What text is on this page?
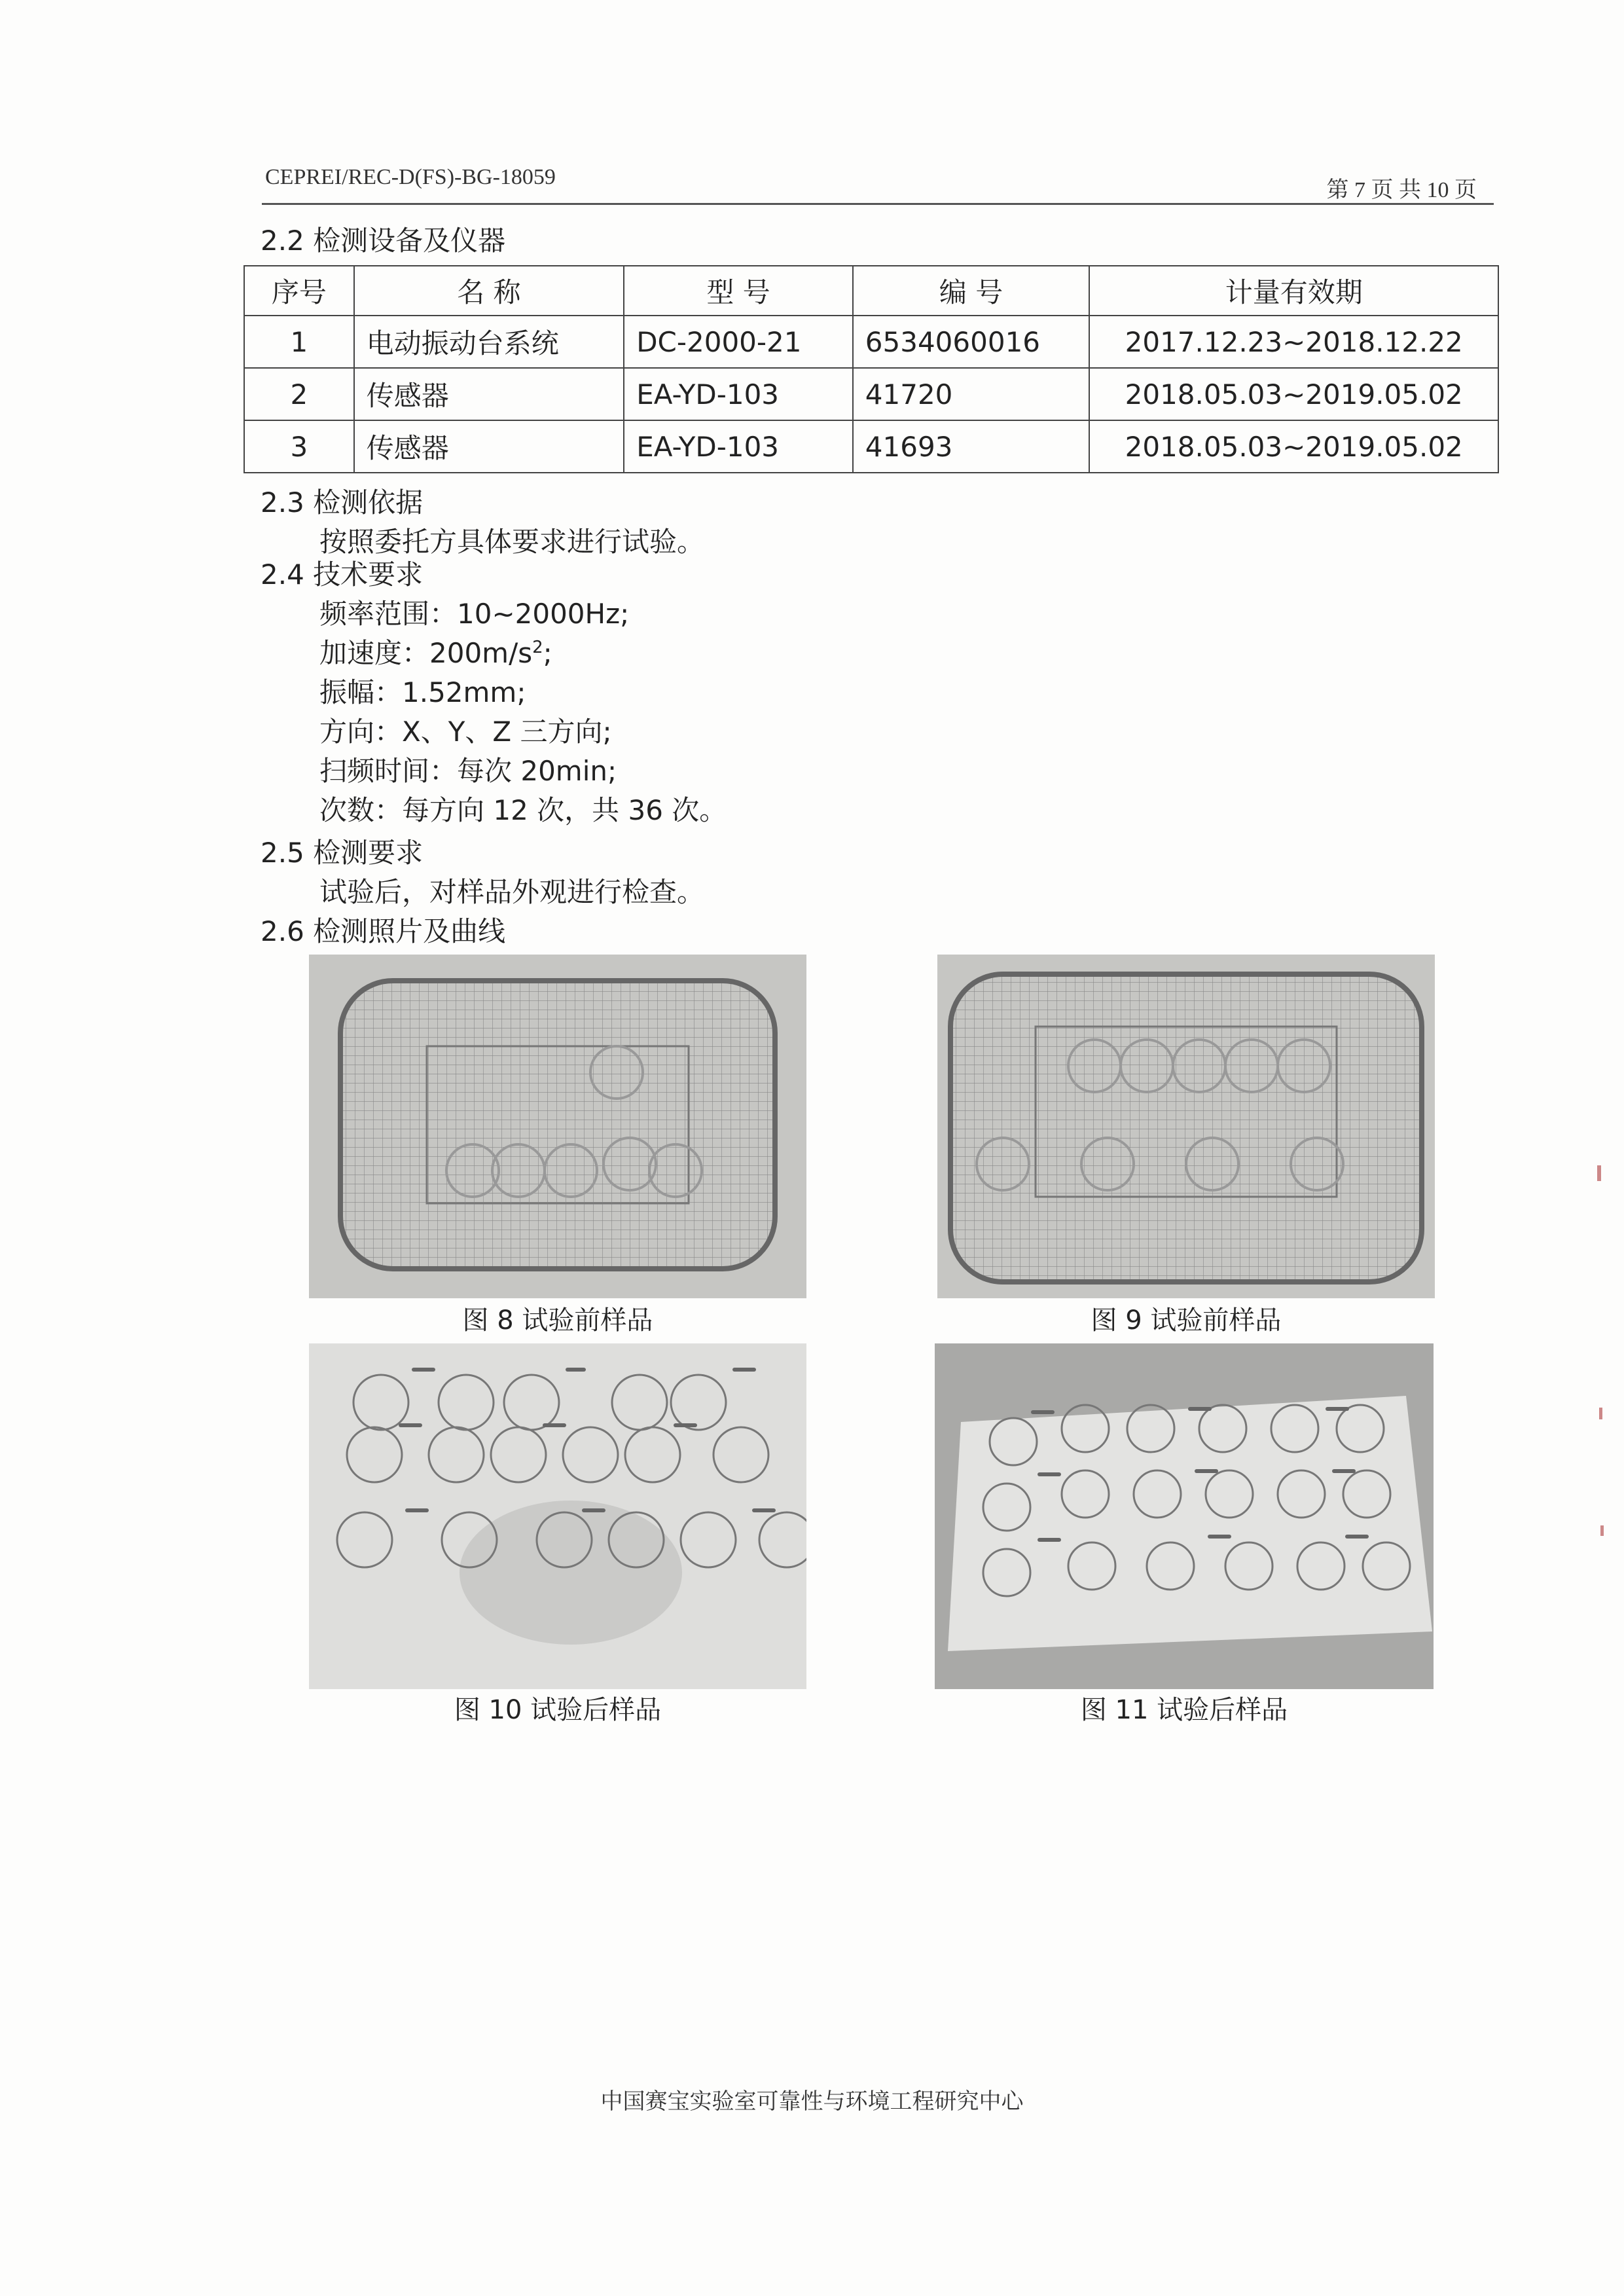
CEPREI/REC-D(FS)-BG-18059
第 7 页 共 10 页
2.2 检测设备及仪器
序号	名 称	型 号	编 号	计量有效期
1	电动振动台系统	DC-2000-21	6534060016	2017.12.23~2018.12.22
2	传感器	EA-YD-103	41720	2018.05.03~2019.05.02
3	传感器	EA-YD-103	41693	2018.05.03~2019.05.02
2.3 检测依据
按照委托方具体要求进行试验。
2.4 技术要求
频率范围：10~2000Hz;
加速度：$200m/s^2$;
振幅：1.52mm;
方向：X、Y、Z 三方向;
扫频时间：每次 20min;
次数：每方向 12 次，共 36 次。
2.5 检测要求
试验后，对样品外观进行检查。
2.6 检测照片及曲线
图 8 试验前样品	图 9 试验前样品
图 10 试验后样品	图 11 试验后样品
中国赛宝实验室可靠性与环境工程研究中心
